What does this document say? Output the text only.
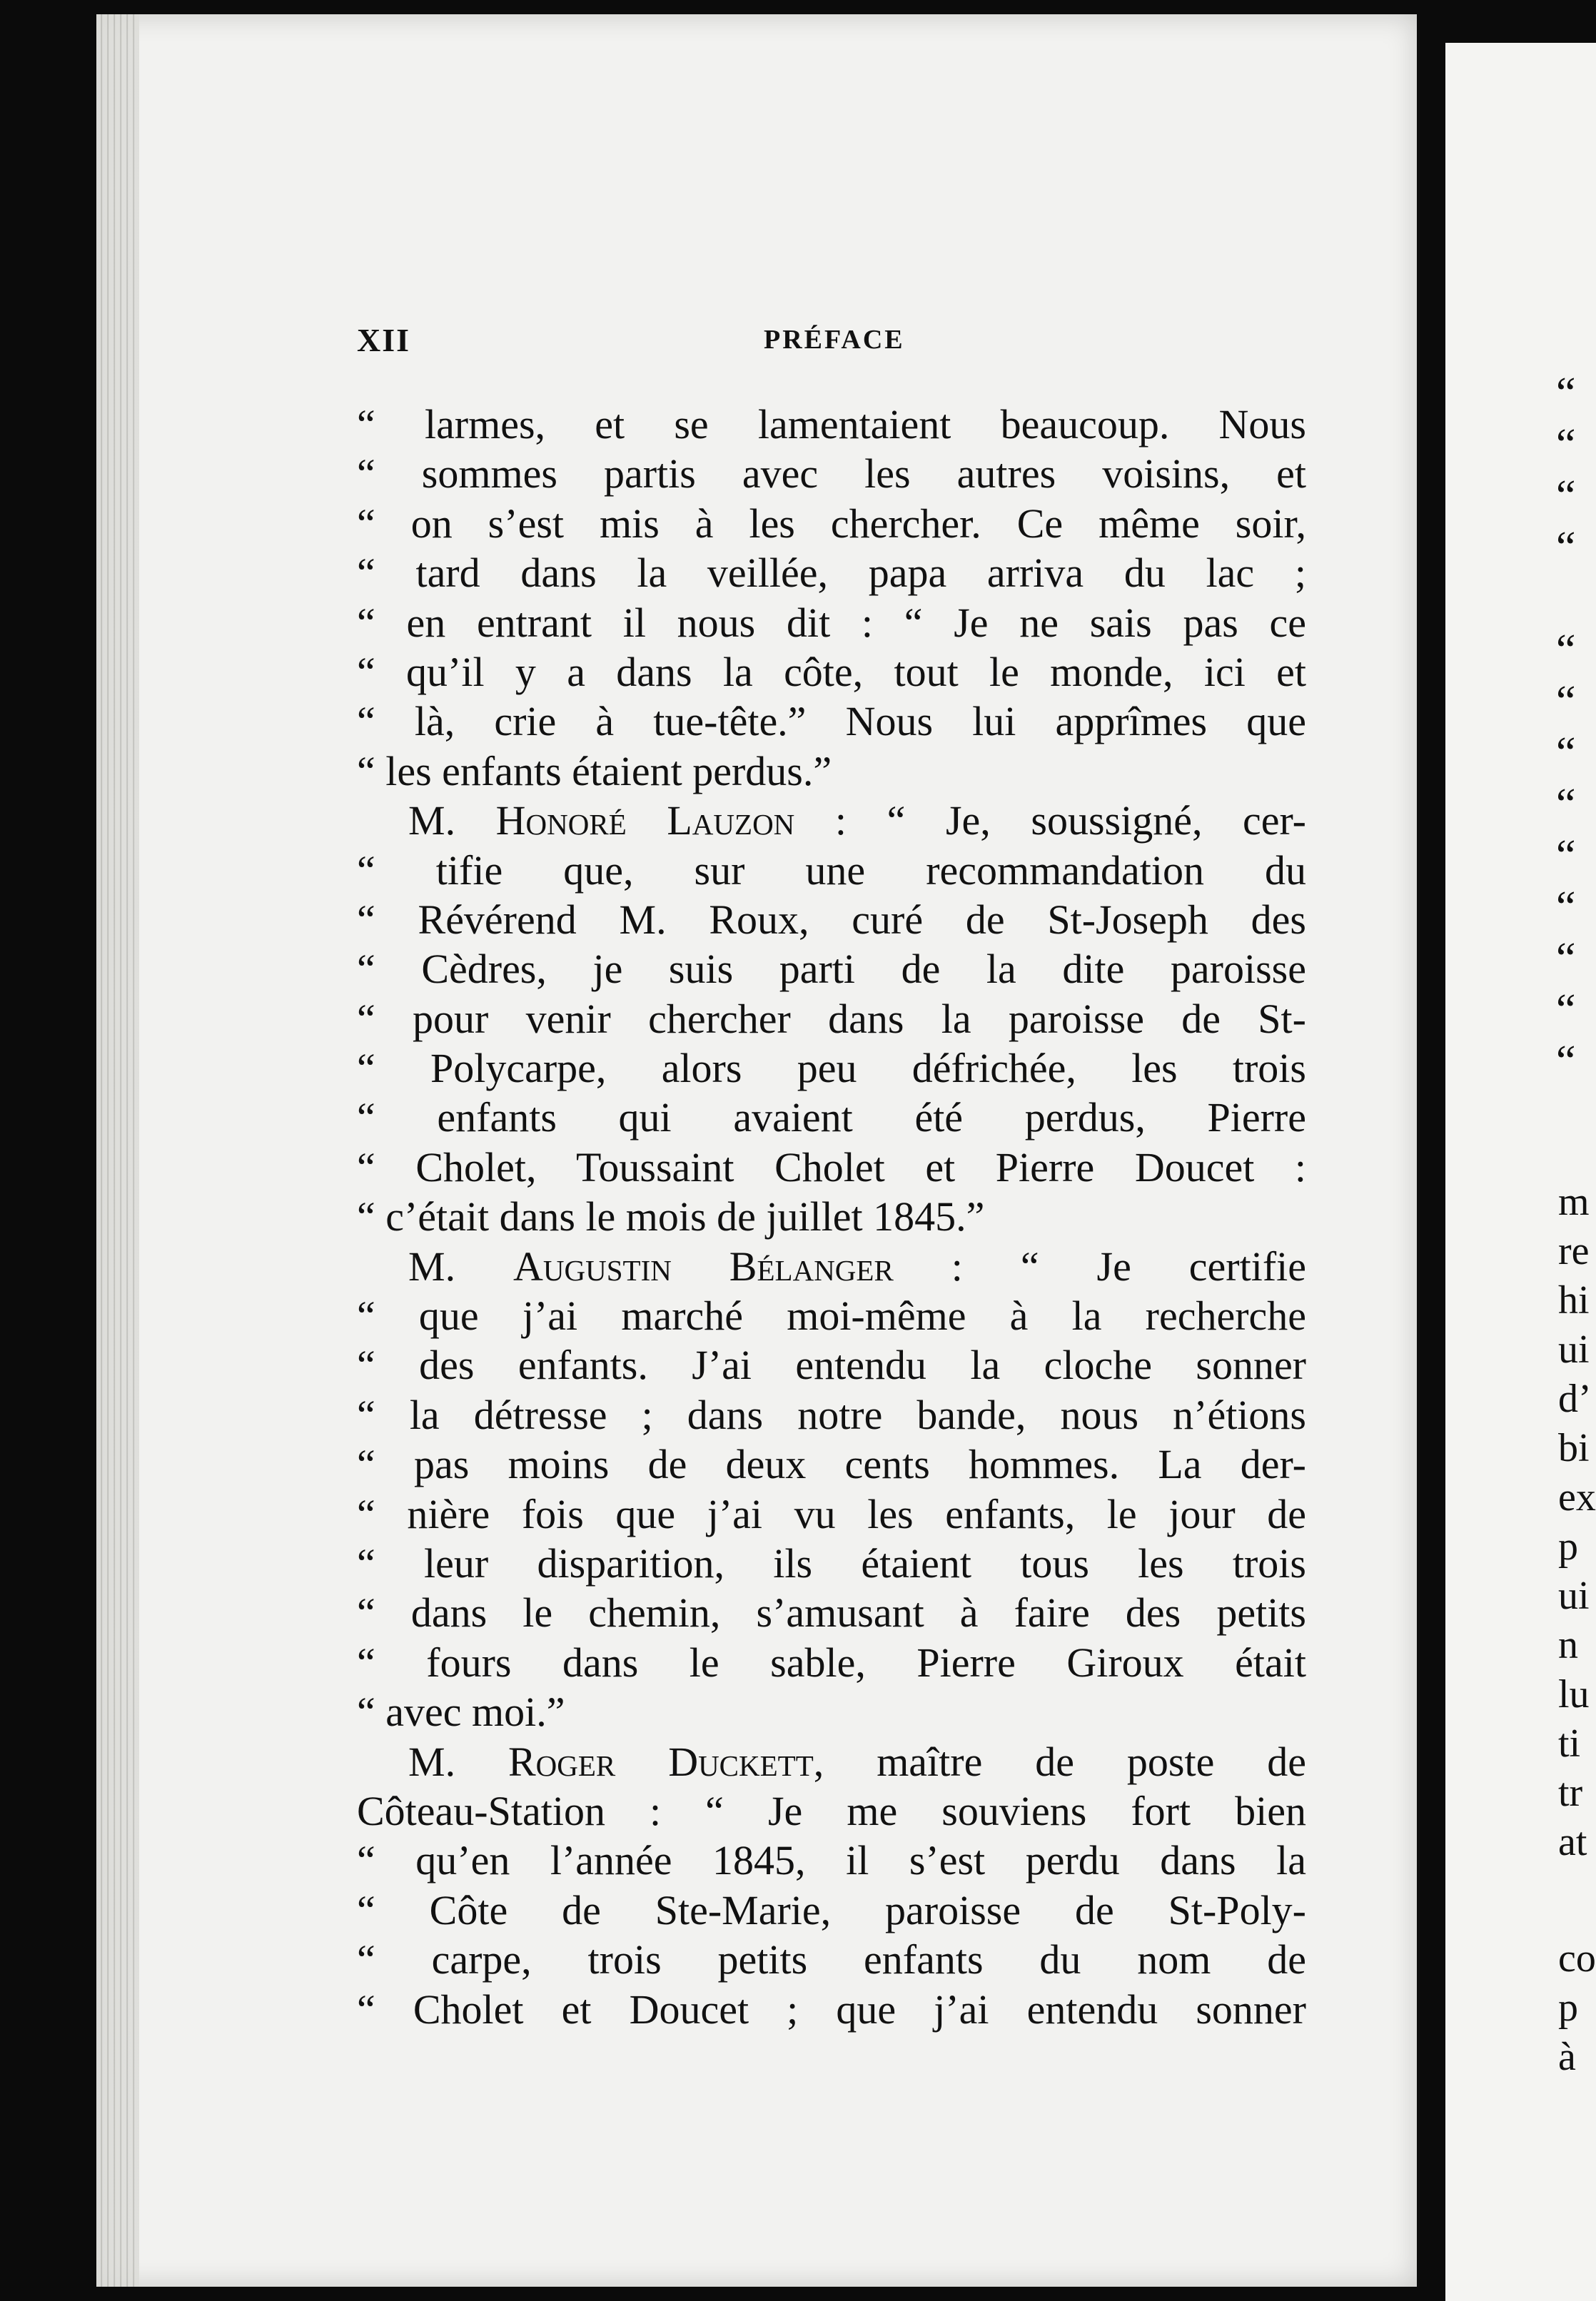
“
“
“
“
“
“
“
“
“
“
“
“
“
m
re
hi
ui
d’
bi
ex
p
ui
n
lu
ti
tr
at
co
p
à
XII	PRÉFACE
“ larmes, et se lamentaient beaucoup. Nous
“ sommes partis avec les autres voisins, et
“ on s’est mis à les chercher. Ce même soir,
“ tard dans la veillée, papa arriva du lac ;
“ en entrant il nous dit : “ Je ne sais pas ce
“ qu’il y a dans la côte, tout le monde, ici et
“ là, crie à tue-tête.” Nous lui apprîmes que
“ les enfants étaient perdus.”
M. Honoré Lauzon : “ Je, soussigné, cer-
“ tifie que, sur une recommandation du
“ Révérend M. Roux, curé de St-Joseph des
“ Cèdres, je suis parti de la dite paroisse
“ pour venir chercher dans la paroisse de St-
“ Polycarpe, alors peu défrichée, les trois
“ enfants qui avaient été perdus, Pierre
“ Cholet, Toussaint Cholet et Pierre Doucet :
“ c’était dans le mois de juillet 1845.”
M. Augustin Bélanger : “ Je certifie
“ que j’ai marché moi-même à la recherche
“ des enfants. J’ai entendu la cloche sonner
“ la détresse ; dans notre bande, nous n’étions
“ pas moins de deux cents hommes. La der-
“ nière fois que j’ai vu les enfants, le jour de
“ leur disparition, ils étaient tous les trois
“ dans le chemin, s’amusant à faire des petits
“ fours dans le sable, Pierre Giroux était
“ avec moi.”
M. Roger Duckett, maître de poste de
Côteau-Station : “ Je me souviens fort bien
“ qu’en l’année 1845, il s’est perdu dans la
“ Côte de Ste-Marie, paroisse de St-Poly-
“ carpe, trois petits enfants du nom de
“ Cholet et Doucet ; que j’ai entendu sonner
